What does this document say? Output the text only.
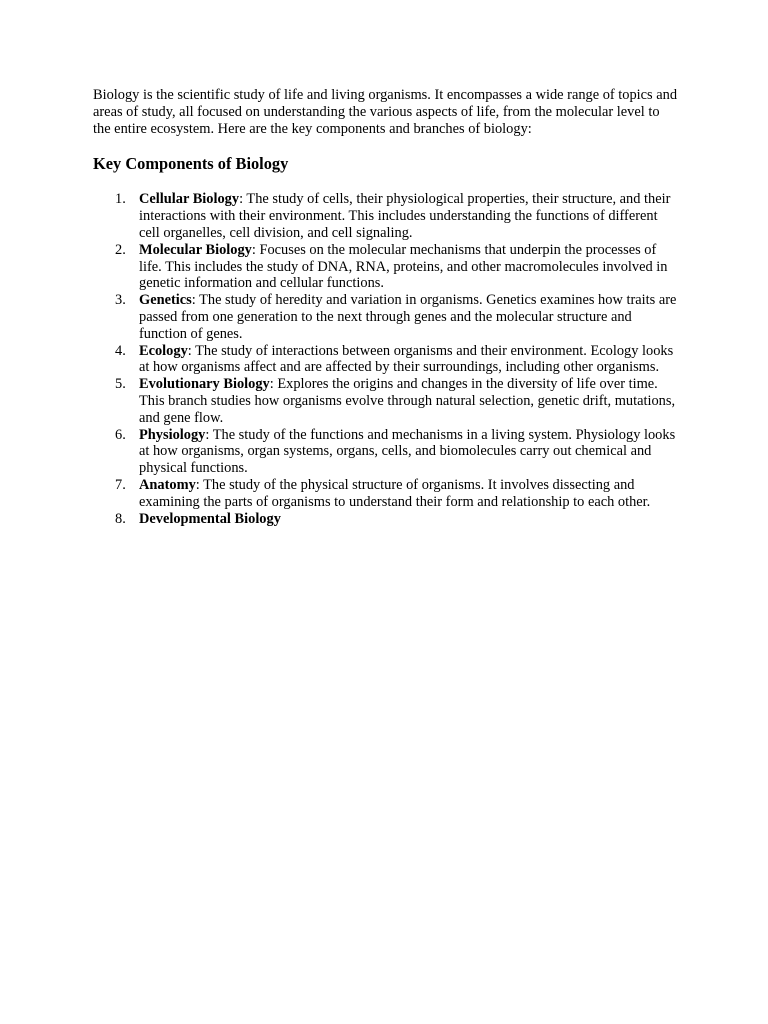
Biology is the scientific study of life and living organisms. It encompasses a wide range of topics and areas of study, all focused on understanding the various aspects of life, from the molecular level to the entire ecosystem. Here are the key components and branches of biology:

Key Components of Biology
1. Cellular Biology: The study of cells, their physiological properties, their structure, and their interactions with their environment. This includes understanding the functions of different cell organelles, cell division, and cell signaling.
2. Molecular Biology: Focuses on the molecular mechanisms that underpin the processes of life. This includes the study of DNA, RNA, proteins, and other macromolecules involved in genetic information and cellular functions.
3. Genetics: The study of heredity and variation in organisms. Genetics examines how traits are passed from one generation to the next through genes and the molecular structure and function of genes.
4. Ecology: The study of interactions between organisms and their environment. Ecology looks at how organisms affect and are affected by their surroundings, including other organisms.
5. Evolutionary Biology: Explores the origins and changes in the diversity of life over time. This branch studies how organisms evolve through natural selection, genetic drift, mutations, and gene flow.
6. Physiology: The study of the functions and mechanisms in a living system. Physiology looks at how organisms, organ systems, organs, cells, and biomolecules carry out chemical and physical functions.
7. Anatomy: The study of the physical structure of organisms. It involves dissecting and examining the parts of organisms to understand their form and relationship to each other.
8. Developmental Biology
